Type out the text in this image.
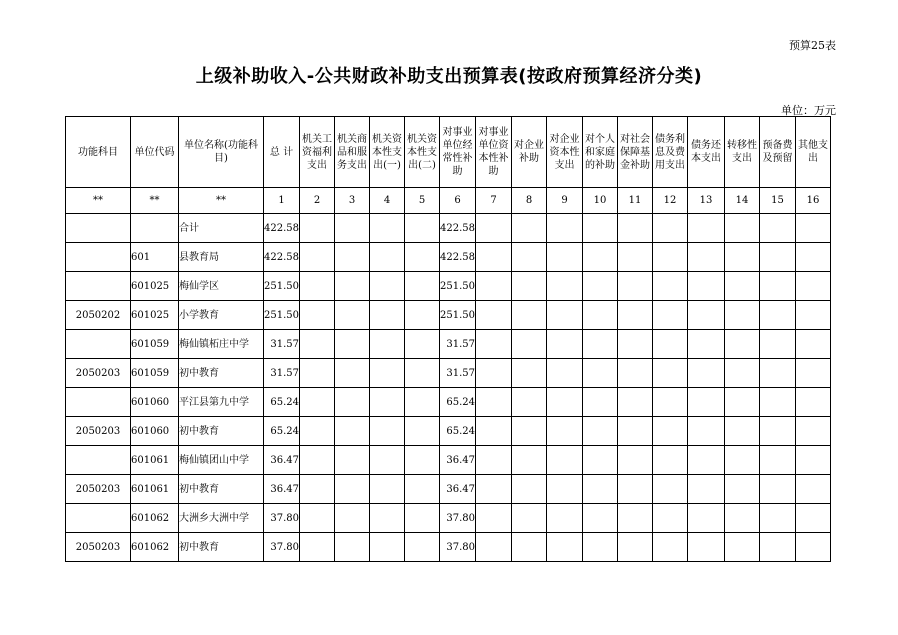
预算25表
上级补助收入-公共财政补助支出预算表(按政府预算经济分类)
单位：万元
功能科目	单位代码	单位名称(功能科目)	总 计	机关工资福利支出	机关商品和服务支出	机关资本性支出(一)	机关资本性支出(二)	对事业单位经常性补助	对事业单位资本性补助	对企业补助	对企业资本性支出	对个人和家庭的补助	对社会保障基金补助	债务利息及费用支出	债务还本支出	转移性支出	预备费及预留	其他支出

**	**	**	1	2	3	4	5	6	7	8	9	10	11	12	13	14	15	16
		合计	422.58					422.58										
	601	县教育局	422.58					422.58										
	601025	梅仙学区	251.50					251.50										
2050202	601025	小学教育	251.50					251.50										
	601059	梅仙镇柘庄中学	31.57					31.57										
2050203	601059	初中教育	31.57					31.57										
	601060	平江县第九中学	65.24					65.24										
2050203	601060	初中教育	65.24					65.24										
	601061	梅仙镇团山中学	36.47					36.47										
2050203	601061	初中教育	36.47					36.47										
	601062	大洲乡大洲中学	37.80					37.80										
2050203	601062	初中教育	37.80					37.80										
